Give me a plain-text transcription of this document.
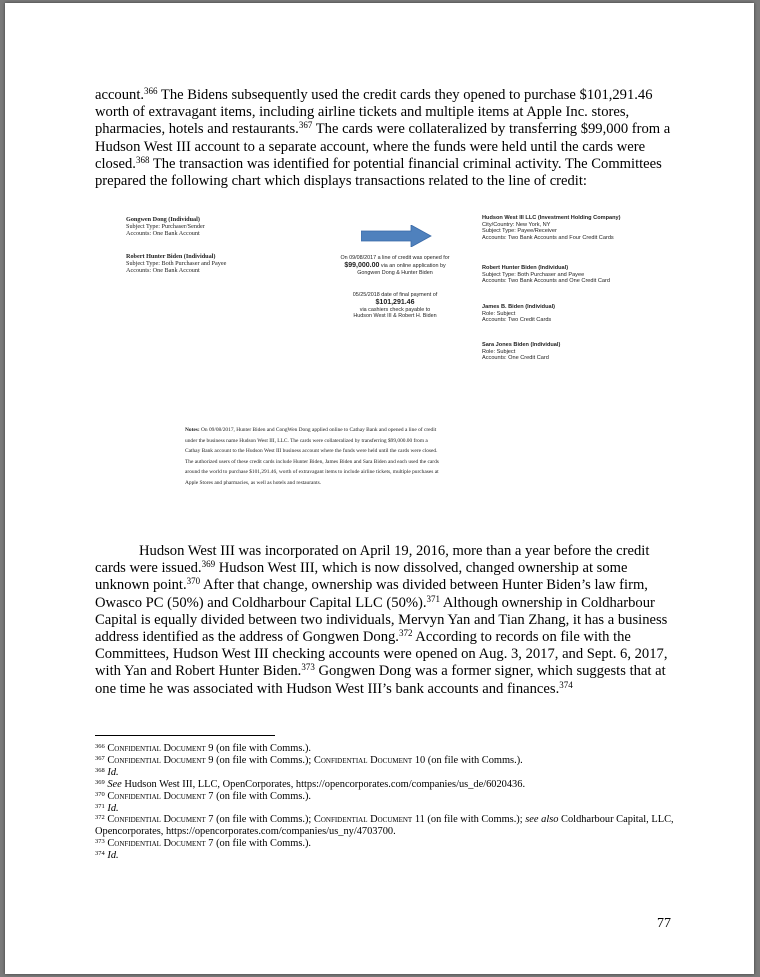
account.$^{366}$ The Bidens subsequently used the credit cards they opened to purchase $101,291.46 worth of extravagant items, including airline tickets and multiple items at Apple Inc. stores, pharmacies, hotels and restaurants.$^{367}$ The cards were collateralized by transferring $99,000 from a Hudson West III account to a separate account, where the funds were held until the cards were closed.$^{368}$ The transaction was identified for potential financial criminal activity. The Committees prepared the following chart which displays transactions related to the line of credit:
Gongwen Dong (Individual)
Subject Type: Purchaser/Sender
Accounts: One Bank Account
Robert Hunter Biden (Individual)
Subject Type: Both Purchaser and Payee
Accounts: One Bank Account
On 09/08/2017 a line of credit was opened for
$99,000.00 via an online application by
Gongwen Dong & Hunter Biden
05/25/2018 date of final payment of
$101,291.46
via cashiers check payable to
Hudson West III & Robert H. Biden
Hudson West III LLC (Investment Holding Company)
City/Country: New York, NY
Subject Type: Payee/Receiver
Accounts: Two Bank Accounts and Four Credit Cards
Robert Hunter Biden (Individual)
Subject Type: Both Purchaser and Payee
Accounts: Two Bank Accounts and One Credit Card
James B. Biden (Individual)
Role: Subject
Accounts: Two Credit Cards
Sara Jones Biden (Individual)
Role: Subject
Accounts: One Credit Card
Notes: On 09/08/2017, Hunter Biden and CongWen Dong applied online to Cathay Bank and opened a line of credit under the business name Hudson West III, LLC. The cards were collateralized by transferring $99,000.00 from a Cathay Bank account to the Hudson West III business account where the funds were held until the cards were closed. The authorized users of these credit cards include Hunter Biden, James Biden and Sara Biden and each used the cards around the world to purchase $101,291.46, worth of extravagant items to include airline tickets, multiple purchases at Apple Stores and pharmacies, as well as hotels and restaurants.
Hudson West III was incorporated on April 19, 2016, more than a year before the credit cards were issued.$^{369}$ Hudson West III, which is now dissolved, changed ownership at some unknown point.$^{370}$ After that change, ownership was divided between Hunter Biden’s law firm, Owasco PC (50%) and Coldharbour Capital LLC (50%).$^{371}$ Although ownership in Coldharbour Capital is equally divided between two individuals, Mervyn Yan and Tian Zhang, it has a business address identified as the address of Gongwen Dong.$^{372}$ According to records on file with the Committees, Hudson West III checking accounts were opened on Aug. 3, 2017, and Sept. 6, 2017, with Yan and Robert Hunter Biden.$^{373}$ Gongwen Dong was a former signer, which suggests that at one time he was associated with Hudson West III’s bank accounts and finances.$^{374}$
$^{366}$ Confidential Document 9 (on file with Comms.).
$^{367}$ Confidential Document 9 (on file with Comms.); Confidential Document 10 (on file with Comms.).
$^{368}$ Id.
$^{369}$ See Hudson West III, LLC, OpenCorporates, https://opencorporates.com/companies/us_de/6020436.
$^{370}$ Confidential Document 7 (on file with Comms.).
$^{371}$ Id.
$^{372}$ Confidential Document 7 (on file with Comms.); Confidential Document 11 (on file with Comms.); see also Coldharbour Capital, LLC, Opencorporates, https://opencorporates.com/companies/us_ny/4703700.
$^{373}$ Confidential Document 7 (on file with Comms.).
$^{374}$ Id.
77
